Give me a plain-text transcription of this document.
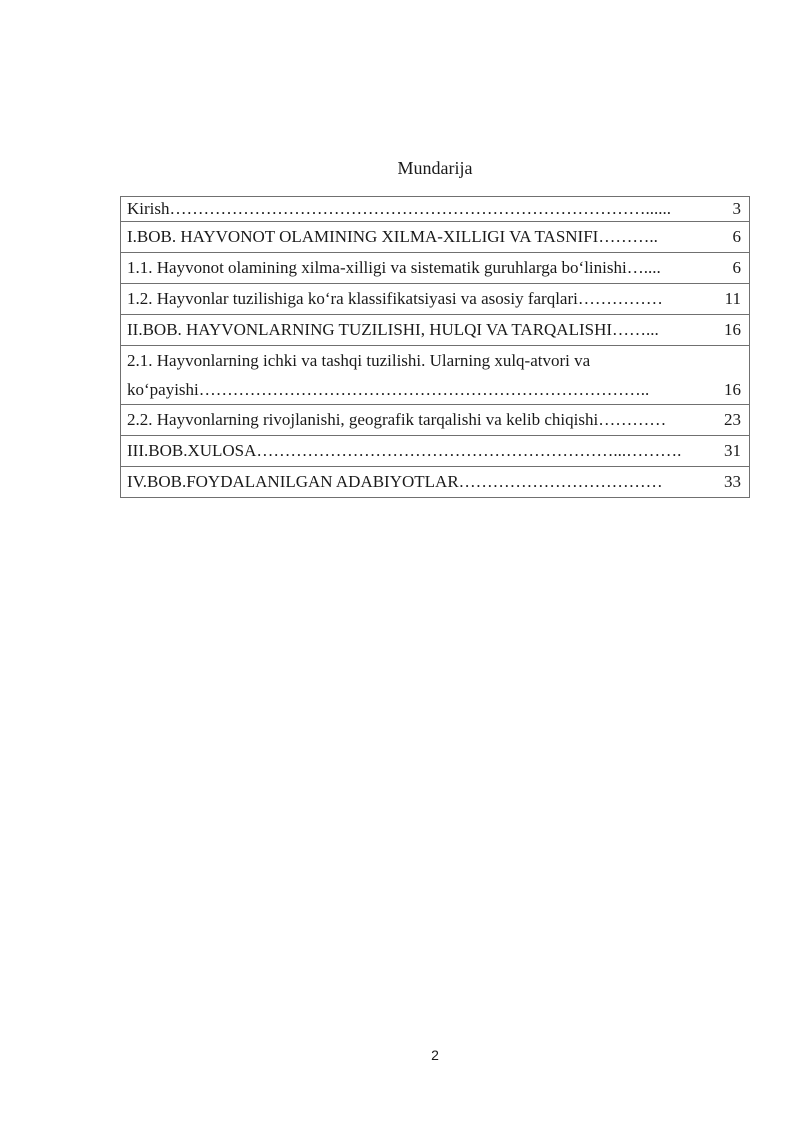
Mundarija
Kirish …………………………………………………………………………......	3

I.BOB. HAYVONOT OLAMINING XILMA-XILLIGI VA TASNIFI ………..	6

1.1. Hayvonot olamining xilma-xilligi va sistematik guruhlarga bo‘linishi …....	6

1.2. Hayvonlar tuzilishiga ko‘ra klassifikatsiyasi va asosiy farqlari ……………	11

II.BOB. HAYVONLARNING TUZILISHI, HULQI VA TARQALISHI ……...	16

2.1. Hayvonlarning ichki va tashqi tuzilishi. Ularning xulq-atvori va
ko‘payishi ……………………………………………………………………..	16

2.2. Hayvonlarning rivojlanishi, geografik tarqalishi va kelib chiqishi …………	23

III.BOB.XULOSA ………………………………………………………...……….	31

IV.BOB.FOYDALANILGAN ADABIYOTLAR ………………………………	33
2
